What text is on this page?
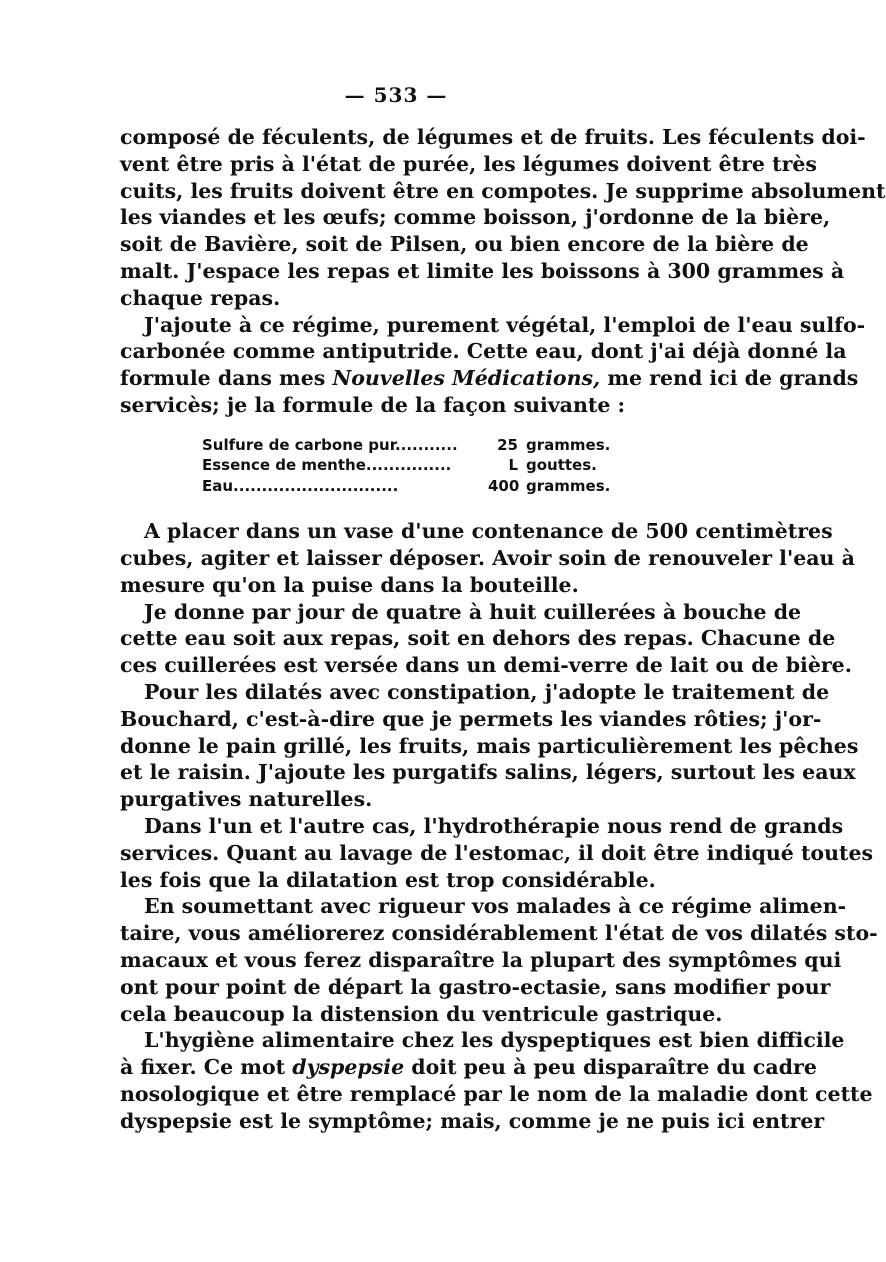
— 533 —

composé de féculents, de légumes et de fruits. Les féculents doi-
vent être pris à l'état de purée, les légumes doivent être très
cuits, les fruits doivent être en compotes. Je supprime absolument
les viandes et les œufs; comme boisson, j'ordonne de la bière,
soit de Bavière, soit de Pilsen, ou bien encore de la bière de
malt. J'espace les repas et limite les boissons à 300 grammes à
chaque repas.

J'ajoute à ce régime, purement végétal, l'emploi de l'eau sulfo-
carbonée comme antiputride. Cette eau, dont j'ai déjà donné la
formule dans mes Nouvelles Médications, me rend ici de grands
servicès; je la formule de la façon suivante :

Sulfure de carbone pur...........	25 grammes.
Essence de menthe...............	L gouttes.
Eau.............................	400 grammes.

A placer dans un vase d'une contenance de 500 centimètres
cubes, agiter et laisser déposer. Avoir soin de renouveler l'eau à
mesure qu'on la puise dans la bouteille.

Je donne par jour de quatre à huit cuillerées à bouche de
cette eau soit aux repas, soit en dehors des repas. Chacune de
ces cuillerées est versée dans un demi-verre de lait ou de bière.

Pour les dilatés avec constipation, j'adopte le traitement de
Bouchard, c'est-à-dire que je permets les viandes rôties; j'or-
donne le pain grillé, les fruits, mais particulièrement les pêches
et le raisin. J'ajoute les purgatifs salins, légers, surtout les eaux
purgatives naturelles.

Dans l'un et l'autre cas, l'hydrothérapie nous rend de grands
services. Quant au lavage de l'estomac, il doit être indiqué toutes
les fois que la dilatation est trop considérable.

En soumettant avec rigueur vos malades à ce régime alimen-
taire, vous améliorerez considérablement l'état de vos dilatés sto-
macaux et vous ferez disparaître la plupart des symptômes qui
ont pour point de départ la gastro-ectasie, sans modifier pour
cela beaucoup la distension du ventricule gastrique.

L'hygiène alimentaire chez les dyspeptiques est bien difficile
à fixer. Ce mot dyspepsie doit peu à peu disparaître du cadre
nosologique et être remplacé par le nom de la maladie dont cette
dyspepsie est le symptôme; mais, comme je ne puis ici entrer
